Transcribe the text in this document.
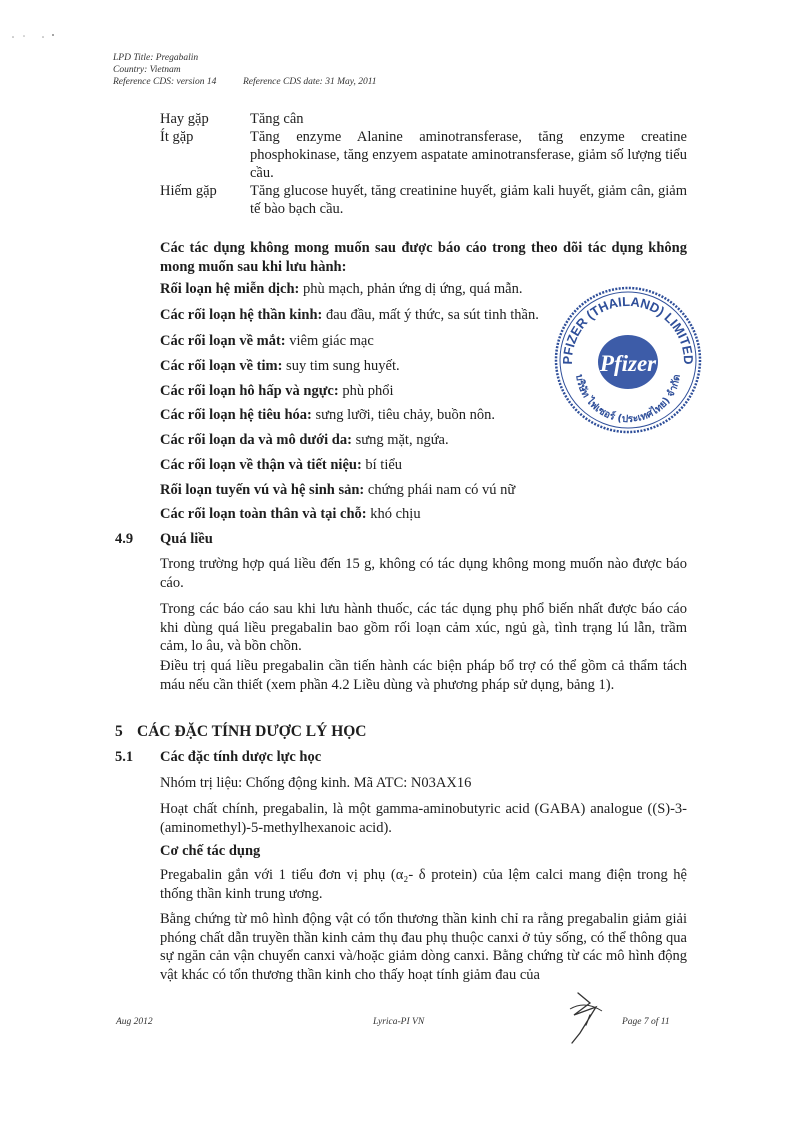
LPD Title: Pregabalin
Country: Vietnam
Reference CDS: version 14	Reference CDS date: 31 May, 2011
Hay gặp	Tăng cân
Ít gặp	Tăng enzyme Alanine aminotransferase, tăng enzyme creatine phosphokinase, tăng enzyem aspatate aminotransferase, giảm số lượng tiểu cầu.
Hiếm gặp Tăng glucose huyết, tăng creatinine huyết, giảm kali huyết, giảm cân, giảm tế bào bạch cầu.
Các tác dụng không mong muốn sau được báo cáo trong theo dõi tác dụng không mong muốn sau khi lưu hành:
Rối loạn hệ miễn dịch: phù mạch, phản ứng dị ứng, quá mẫn.
Các rối loạn hệ thần kinh: đau đầu, mất ý thức, sa sút tinh thần.
Các rối loạn về mắt: viêm giác mạc
Các rối loạn về tim: suy tim sung huyết.
Các rối loạn hô hấp và ngực: phù phổi
Các rối loạn hệ tiêu hóa: sưng lưỡi, tiêu chảy, buồn nôn.
Các rối loạn da và mô dưới da: sưng mặt, ngứa.
Các rối loạn về thận và tiết niệu: bí tiểu
Rối loạn tuyến vú và hệ sinh sản: chứng phái nam có vú nữ
Các rối loạn toàn thân và tại chỗ: khó chịu
4.9 Quá liều
Trong trường hợp quá liều đến 15 g, không có tác dụng không mong muốn nào được báo cáo.
Trong các báo cáo sau khi lưu hành thuốc, các tác dụng phụ phổ biến nhất được báo cáo khi dùng quá liều pregabalin bao gồm rối loạn cảm xúc, ngủ gà, tình trạng lú lẫn, trầm cảm, lo âu, và bồn chồn.
Điều trị quá liều pregabalin cần tiến hành các biện pháp bổ trợ có thể gồm cả thẩm tách máu nếu cần thiết (xem phần 4.2 Liều dùng và phương pháp sử dụng, bảng 1).
5 CÁC ĐẶC TÍNH DƯỢC LÝ HỌC
5.1 Các đặc tính dược lực học
Nhóm trị liệu: Chống động kinh. Mã ATC: N03AX16
Hoạt chất chính, pregabalin, là một gamma-aminobutyric acid (GABA) analogue ((S)-3- (aminomethyl)-5-methylhexanoic acid).
Cơ chế tác dụng
Pregabalin gắn với 1 tiểu đơn vị phụ (α₂- δ protein) của lệm calci mang điện trong hệ thống thần kinh trung ương.
Bằng chứng từ mô hình động vật có tổn thương thần kinh chỉ ra rằng pregabalin giảm giải phóng chất dẫn truyền thần kinh cảm thụ đau phụ thuộc canxi ở tủy sống, có thể thông qua sự ngăn cản vận chuyển canxi và/hoặc giảm dòng canxi. Bằng chứng từ các mô hình động vật khác có tổn thương thần kinh cho thấy hoạt tính giảm đau của
Pfizer
PFIZER (THAILAND) LIMITED
บริษัท ไฟเซอร์ (ประเทศไทย) จำกัด
Aug 2012	Lyrica-PI VN	Page 7 of 11
